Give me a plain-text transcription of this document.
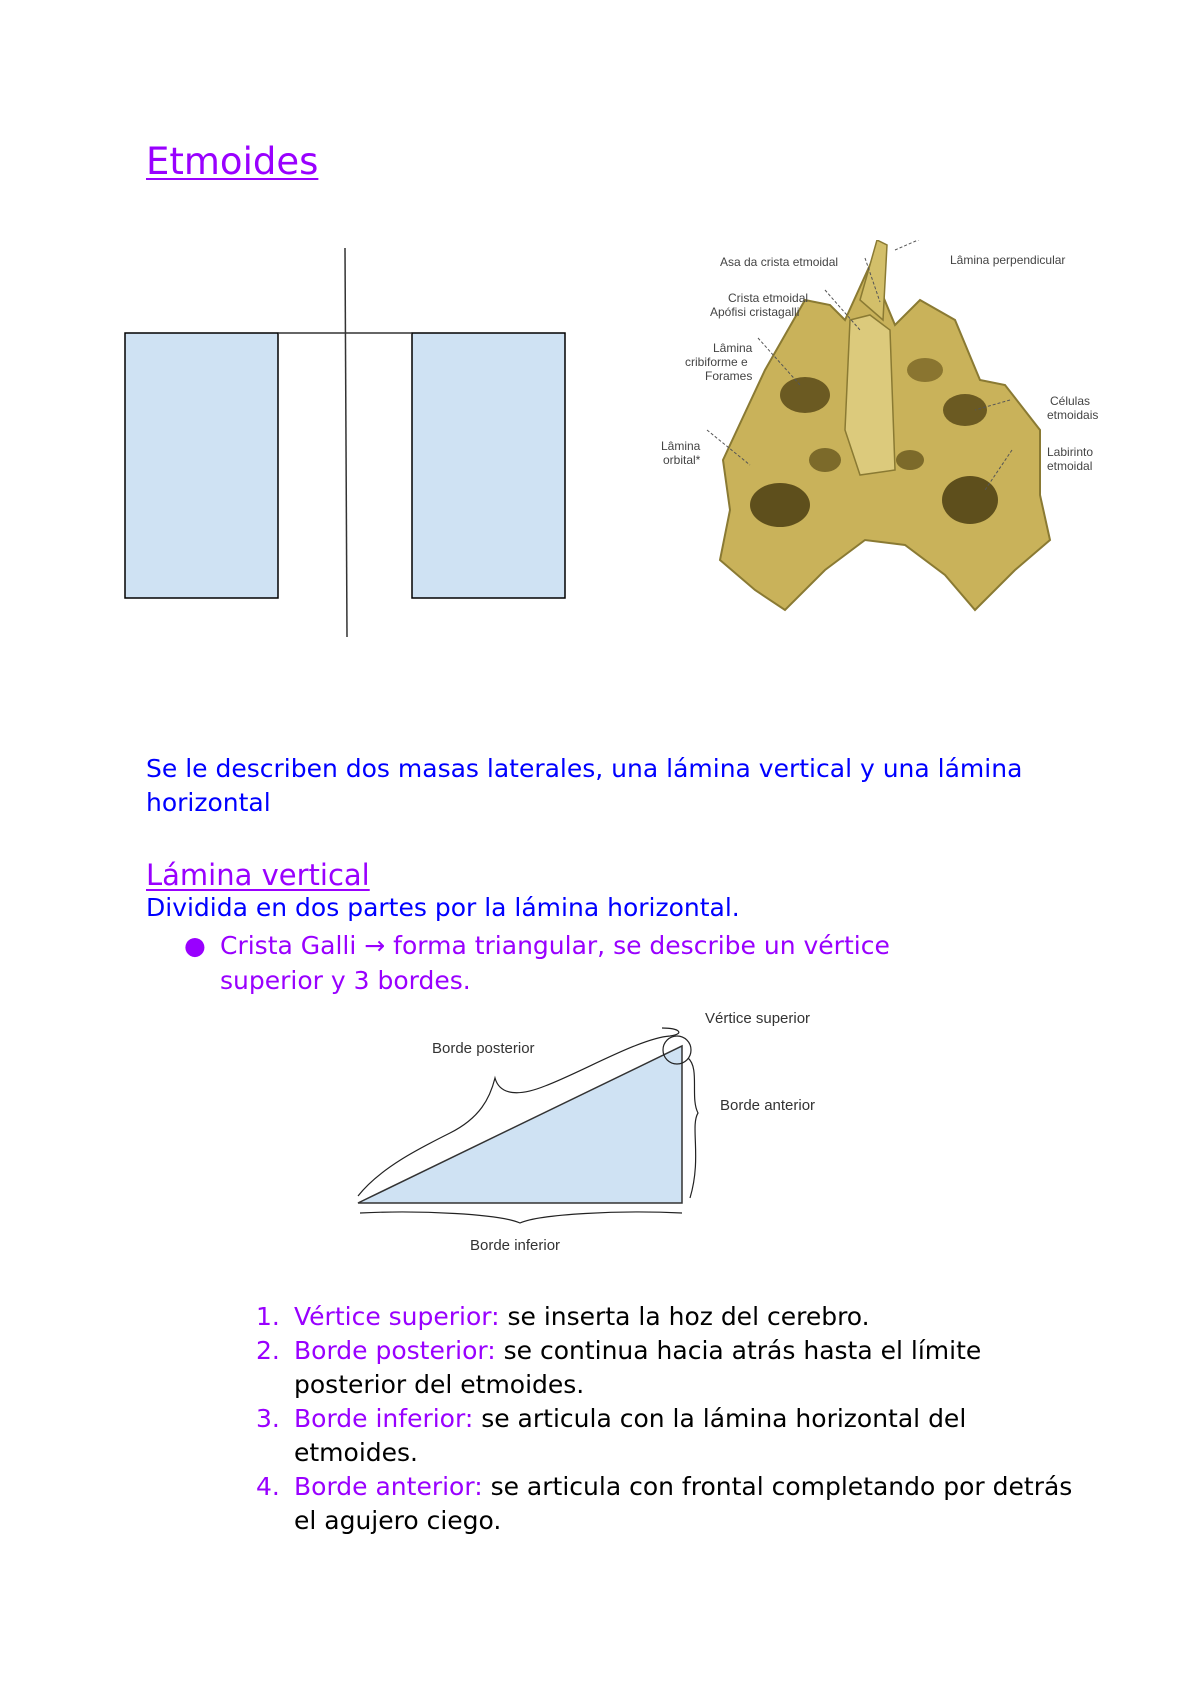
Etmoides
Asa da crista etmoidal	Lâmina perpendicular
Crista etmoidal
Apófisi cristagalli
Lâmina
cribiforme e
Forames
Células
etmoidais
Lâmina
orbital*
Labirinto
etmoidal
Se le describen dos masas laterales, una lámina vertical y una lámina horizontal
Lámina vertical
Dividida en dos partes por la lámina horizontal.
● Crista Galli → forma triangular, se describe un vértice superior y 3 bordes.
Vértice superior
Borde posterior
Borde anterior
Borde inferior
1. Vértice superior: se inserta la hoz del cerebro.
2. Borde posterior: se continua hacia atrás hasta el límite posterior del etmoides.
3. Borde inferior: se articula con la lámina horizontal del etmoides.
4. Borde anterior: se articula con frontal completando por detrás el agujero ciego.
